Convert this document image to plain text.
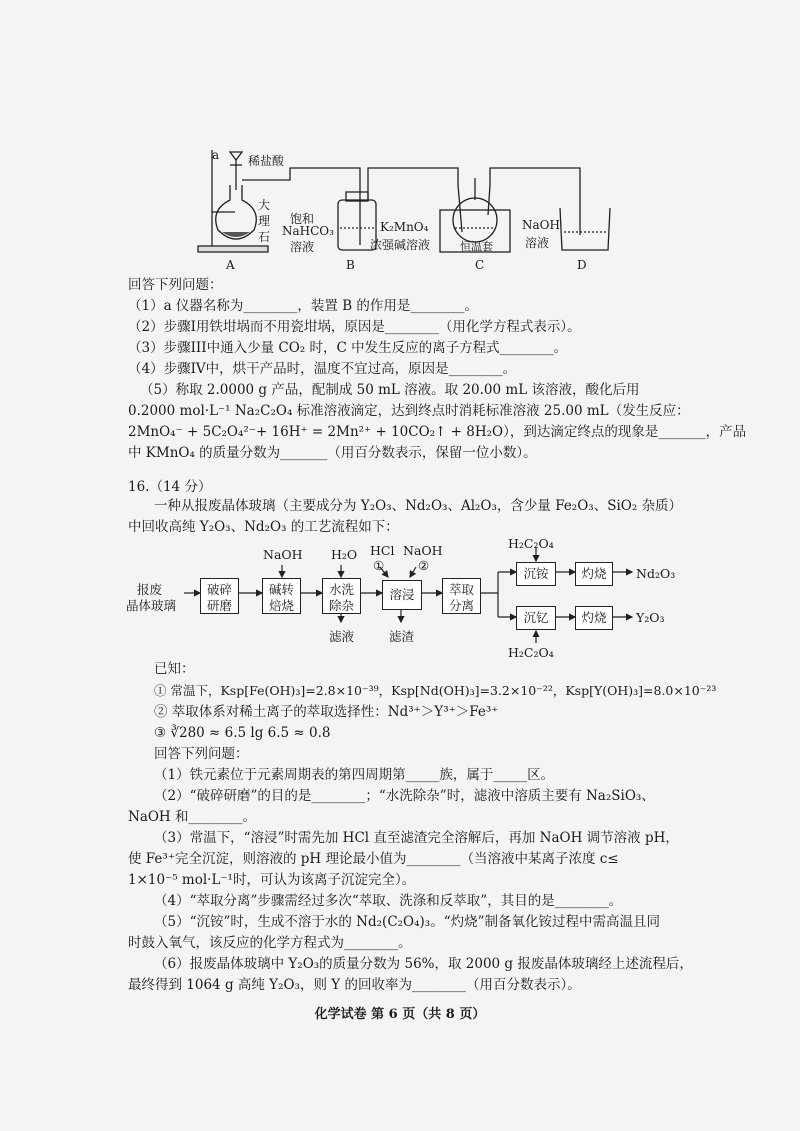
a 稀盐酸
大
理
石
饱和
NaHCO₃
溶液
K₂MnO₄
浓强碱溶液	恒温套
NaOH
溶液
A	B	C	D
回答下列问题：
（1）a 仪器名称为________，装置 B 的作用是________。
（2）步骤I用铁坩埚而不用瓷坩埚，原因是________（用化学方程式表示）。
（3）步骤III中通入少量 CO₂ 时，C 中发生反应的离子方程式________。
（4）步骤IV中，烘干产品时，温度不宜过高，原因是________。
（5）称取 2.0000 g 产品，配制成 50 mL 溶液。取 20.00 mL 该溶液，酸化后用
0.2000 mol·L⁻¹ Na₂C₂O₄ 标准溶液滴定，达到终点时消耗标准溶液 25.00 mL（发生反应：
2MnO₄⁻ + 5C₂O₄²⁻+ 16H⁺ = 2Mn²⁺ + 10CO₂↑ + 8H₂O），到达滴定终点的现象是_______，产品
中 KMnO₄ 的质量分数为_______（用百分数表示，保留一位小数）。
16.（14 分）
一种从报废晶体玻璃（主要成分为 Y₂O₃、Nd₂O₃、Al₂O₃，含少量 Fe₂O₃、SiO₂ 杂质）
中回收高纯 Y₂O₃、Nd₂O₃ 的工艺流程如下：
报废
晶体玻璃
破碎
研磨
碱转
焙烧
水洗
除杂
溶浸	萃取
分离
沉铵	灼烧
沉钇	灼烧
NaOH H₂O HCl NaOH
①	②
H₂C₂O₄
H₂C₂O₄
滤液	滤渣
Nd₂O₃
Y₂O₃
已知：
① 常温下，Ksp[Fe(OH)₃]=2.8×10⁻³⁹，Ksp[Nd(OH)₃]=3.2×10⁻²²，Ksp[Y(OH)₃]=8.0×10⁻²³
② 萃取体系对稀土离子的萃取选择性：Nd³⁺＞Y³⁺＞Fe³⁺
③ ∛280 ≈ 6.5 lg 6.5 ≈ 0.8
回答下列问题：
（1）铁元素位于元素周期表的第四周期第_____族，属于_____区。
（2）“破碎研磨”的目的是________；“水洗除杂”时，滤液中溶质主要有 Na₂SiO₃、
NaOH 和________。
（3）常温下，“溶浸”时需先加 HCl 直至滤渣完全溶解后，再加 NaOH 调节溶液 pH，
使 Fe³⁺完全沉淀，则溶液的 pH 理论最小值为________（当溶液中某离子浓度 c≤
1×10⁻⁵ mol·L⁻¹时，可认为该离子沉淀完全）。
（4）“萃取分离”步骤需经过多次“萃取、洗涤和反萃取”，其目的是________。
（5）“沉铵”时，生成不溶于水的 Nd₂(C₂O₄)₃。“灼烧”制备氧化铵过程中需高温且同
时鼓入氧气，该反应的化学方程式为________。
（6）报废晶体玻璃中 Y₂O₃的质量分数为 56%，取 2000 g 报废晶体玻璃经上述流程后，
最终得到 1064 g 高纯 Y₂O₃，则 Y 的回收率为________（用百分数表示）。
化学试卷 第 6 页（共 8 页）
